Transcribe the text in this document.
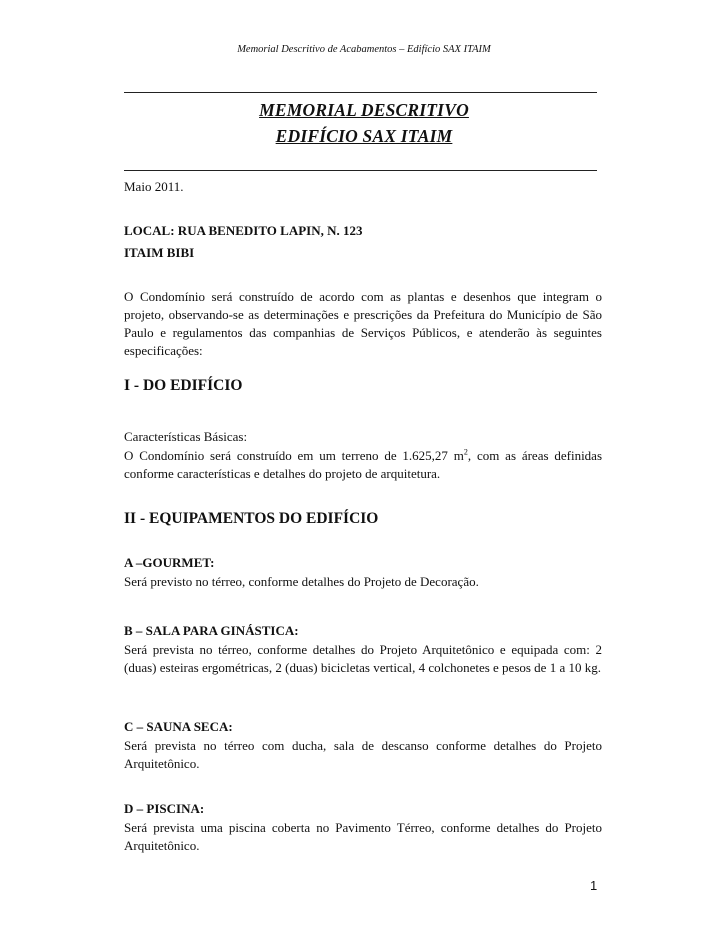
Memorial Descritivo de Acabamentos – Edifício SAX ITAIM
MEMORIAL DESCRITIVO
EDIFÍCIO SAX ITAIM
Maio 2011.
LOCAL: RUA BENEDITO LAPIN, N. 123
ITAIM BIBI
O Condomínio será construído de acordo com as plantas e desenhos que integram o projeto, observando-se as determinações e prescrições da Prefeitura do Município de São Paulo e regulamentos das companhias de Serviços Públicos, e atenderão às seguintes especificações:
I - DO EDIFÍCIO
Características Básicas:
O Condomínio será construído em um terreno de 1.625,27 $m^2$, com as áreas definidas conforme características e detalhes do projeto de arquitetura.
II - EQUIPAMENTOS DO EDIFÍCIO
A –GOURMET:
Será previsto no térreo, conforme detalhes do Projeto de Decoração.
B – SALA PARA GINÁSTICA:
Será prevista no térreo, conforme detalhes do Projeto Arquitetônico e equipada com: 2 (duas) esteiras ergométricas, 2 (duas) bicicletas vertical, 4 colchonetes e pesos de 1 a 10 kg.
C – SAUNA SECA:
Será prevista no térreo com ducha, sala de descanso conforme detalhes do Projeto Arquitetônico.
D – PISCINA:
Será prevista uma piscina coberta no Pavimento Térreo, conforme detalhes do Projeto Arquitetônico.
1
